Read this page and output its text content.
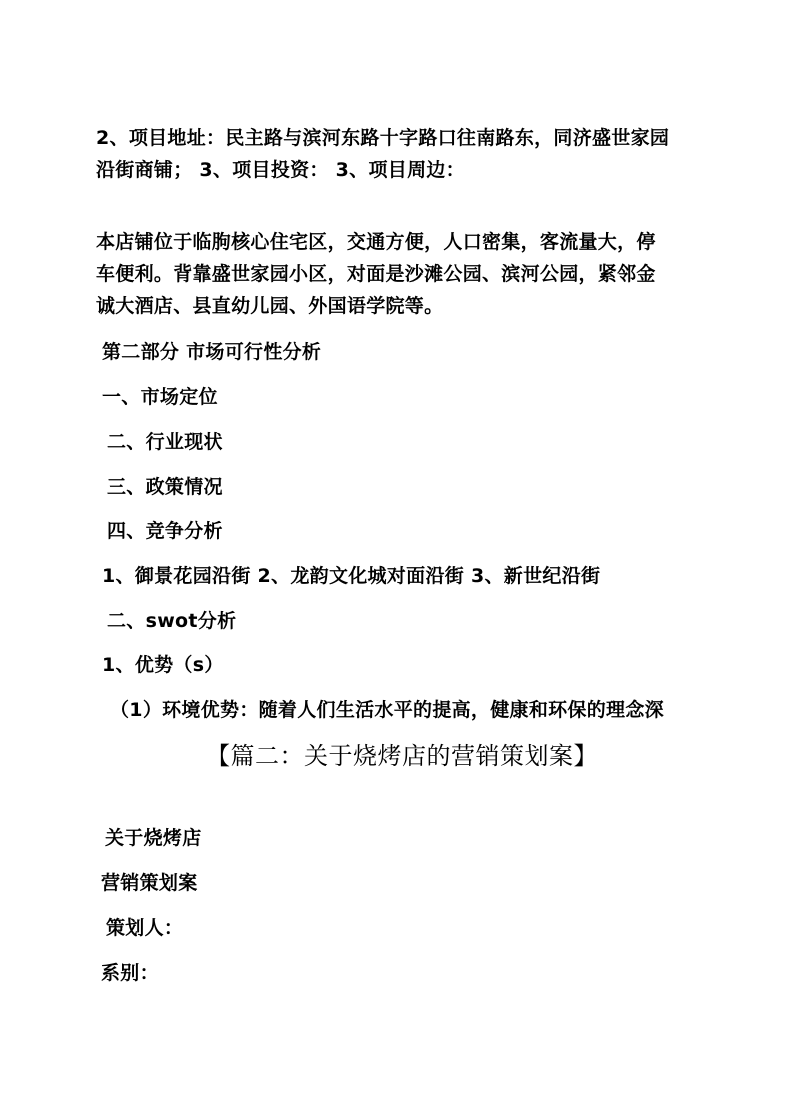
2、项目地址：民主路与滨河东路十字路口往南路东，同济盛世家园
沿街商铺； 3、项目投资： 3、项目周边：
本店铺位于临朐核心住宅区，交通方便，人口密集，客流量大，停
车便利。背靠盛世家园小区，对面是沙滩公园、滨河公园，紧邻金
诚大酒店、县直幼儿园、外国语学院等。
第二部分 市场可行性分析
一、市场定位
二、行业现状
三、政策情况
四、竞争分析
1、御景花园沿街 2、龙韵文化城对面沿街 3、新世纪沿街
二、swot分析
1、优势（s）
（1）环境优势：随着人们生活水平的提高，健康和环保的理念深
【篇二：关于烧烤店的营销策划案】
关于烧烤店
营销策划案
策划人：
系别：
